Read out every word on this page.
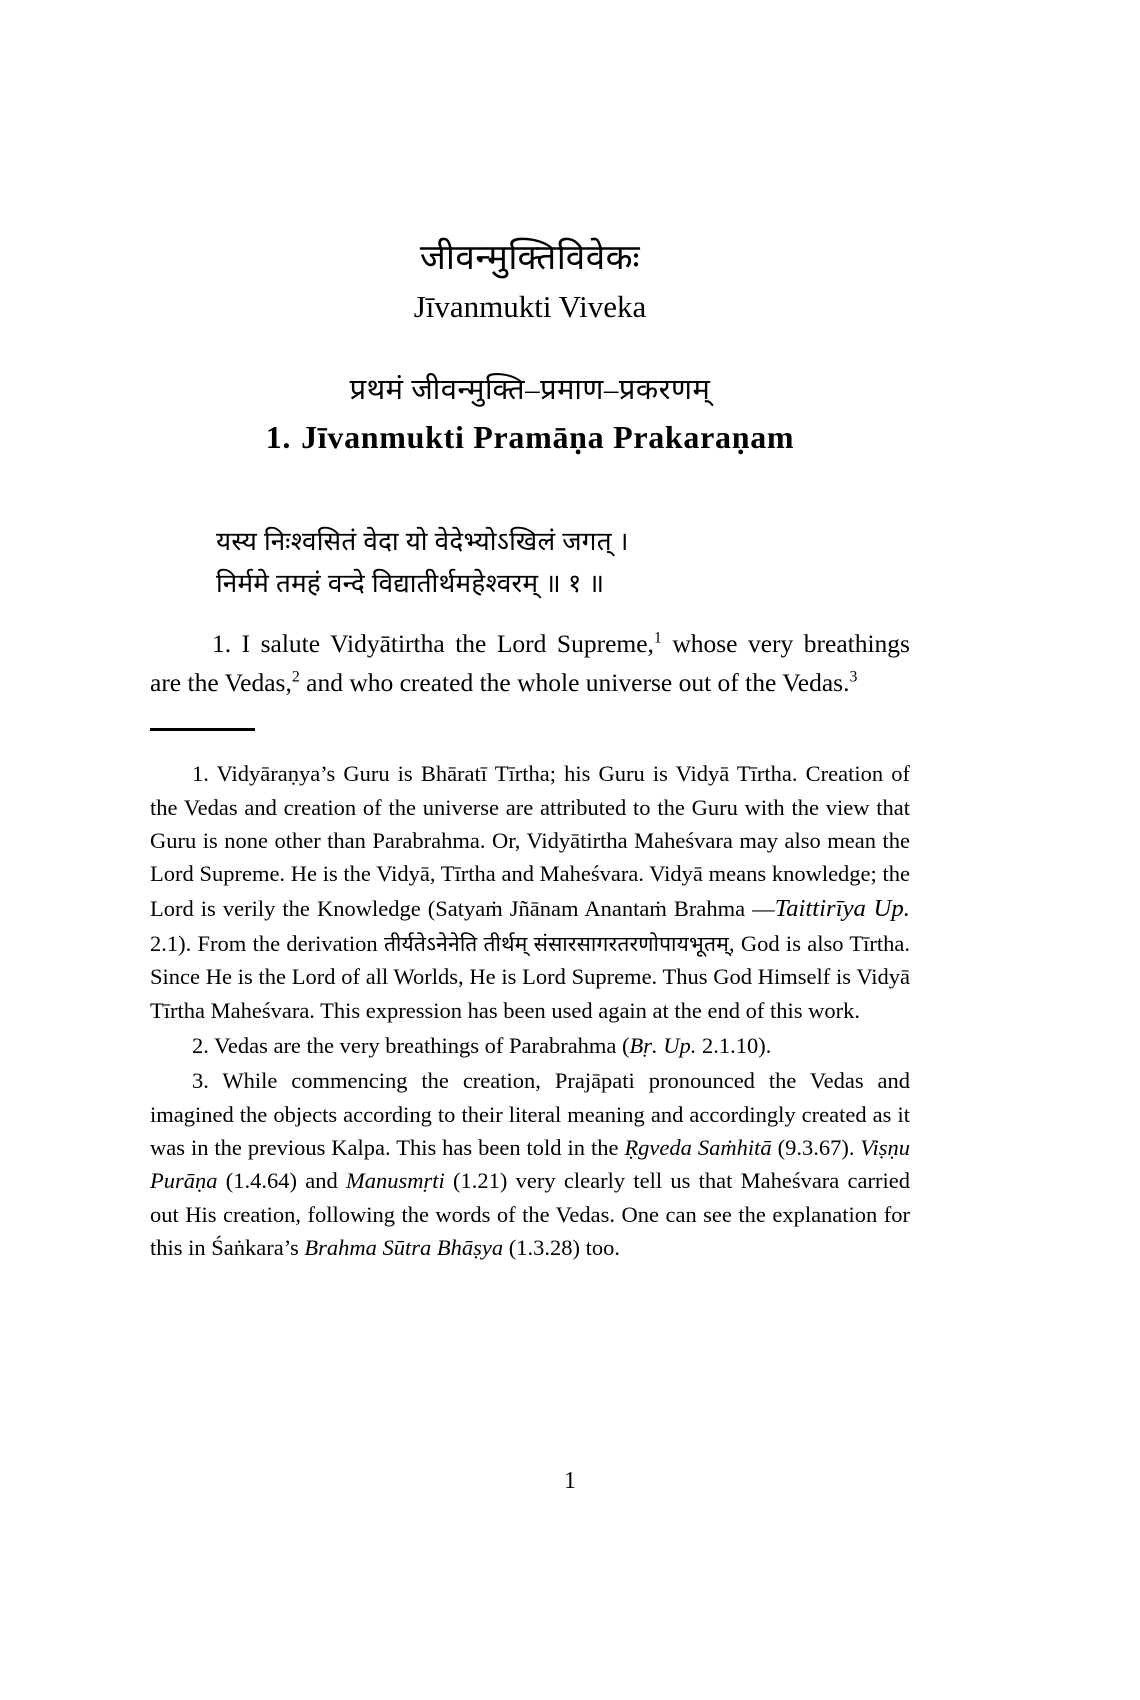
जीवन्मुक्तिविवेकः
Jīvanmukti Viveka
प्रथमं जीवन्मुक्ति–प्रमाण–प्रकरणम्
1. Jīvanmukti Pramāṇa Prakaraṇam
यस्य निःश्वसितं वेदा यो वेदेभ्योऽखिलं जगत् ।
निर्ममे तमहं वन्दे विद्यातीर्थमहेश्वरम् ॥ १ ॥

1. I salute Vidyātirtha the Lord Supreme,$^1$ whose very breathings are the Vedas,$^2$ and who created the whole universe out of the Vedas.$^3$

1. Vidyāraṇya’s Guru is Bhāratī Tīrtha; his Guru is Vidyā Tīrtha. Creation of the Vedas and creation of the universe are attributed to the Guru with the view that Guru is none other than Parabrahma. Or, Vidyātirtha Maheśvara may also mean the Lord Supreme. He is the Vidyā, Tīrtha and Maheśvara. Vidyā means knowledge; the Lord is verily the Knowledge (Satyaṁ Jñānam Anantaṁ Brahma —Taittirīya Up. 2.1). From the derivation तीर्यतेऽनेनेति तीर्थम् संसारसागरतरणोपायभूतम्, God is also Tīrtha. Since He is the Lord of all Worlds, He is Lord Supreme. Thus God Himself is Vidyā Tīrtha Maheśvara. This expression has been used again at the end of this work.

2. Vedas are the very breathings of Parabrahma (Bṛ. Up. 2.1.10).

3. While commencing the creation, Prajāpati pronounced the Vedas and imagined the objects according to their literal meaning and accordingly created as it was in the previous Kalpa. This has been told in the Ṛgveda Saṁhitā (9.3.67). Viṣṇu Purāṇa (1.4.64) and Manusmṛti (1.21) very clearly tell us that Maheśvara carried out His creation, following the words of the Vedas. One can see the explanation for this in Śaṅkara’s Brahma Sūtra Bhāṣya (1.3.28) too.

1
